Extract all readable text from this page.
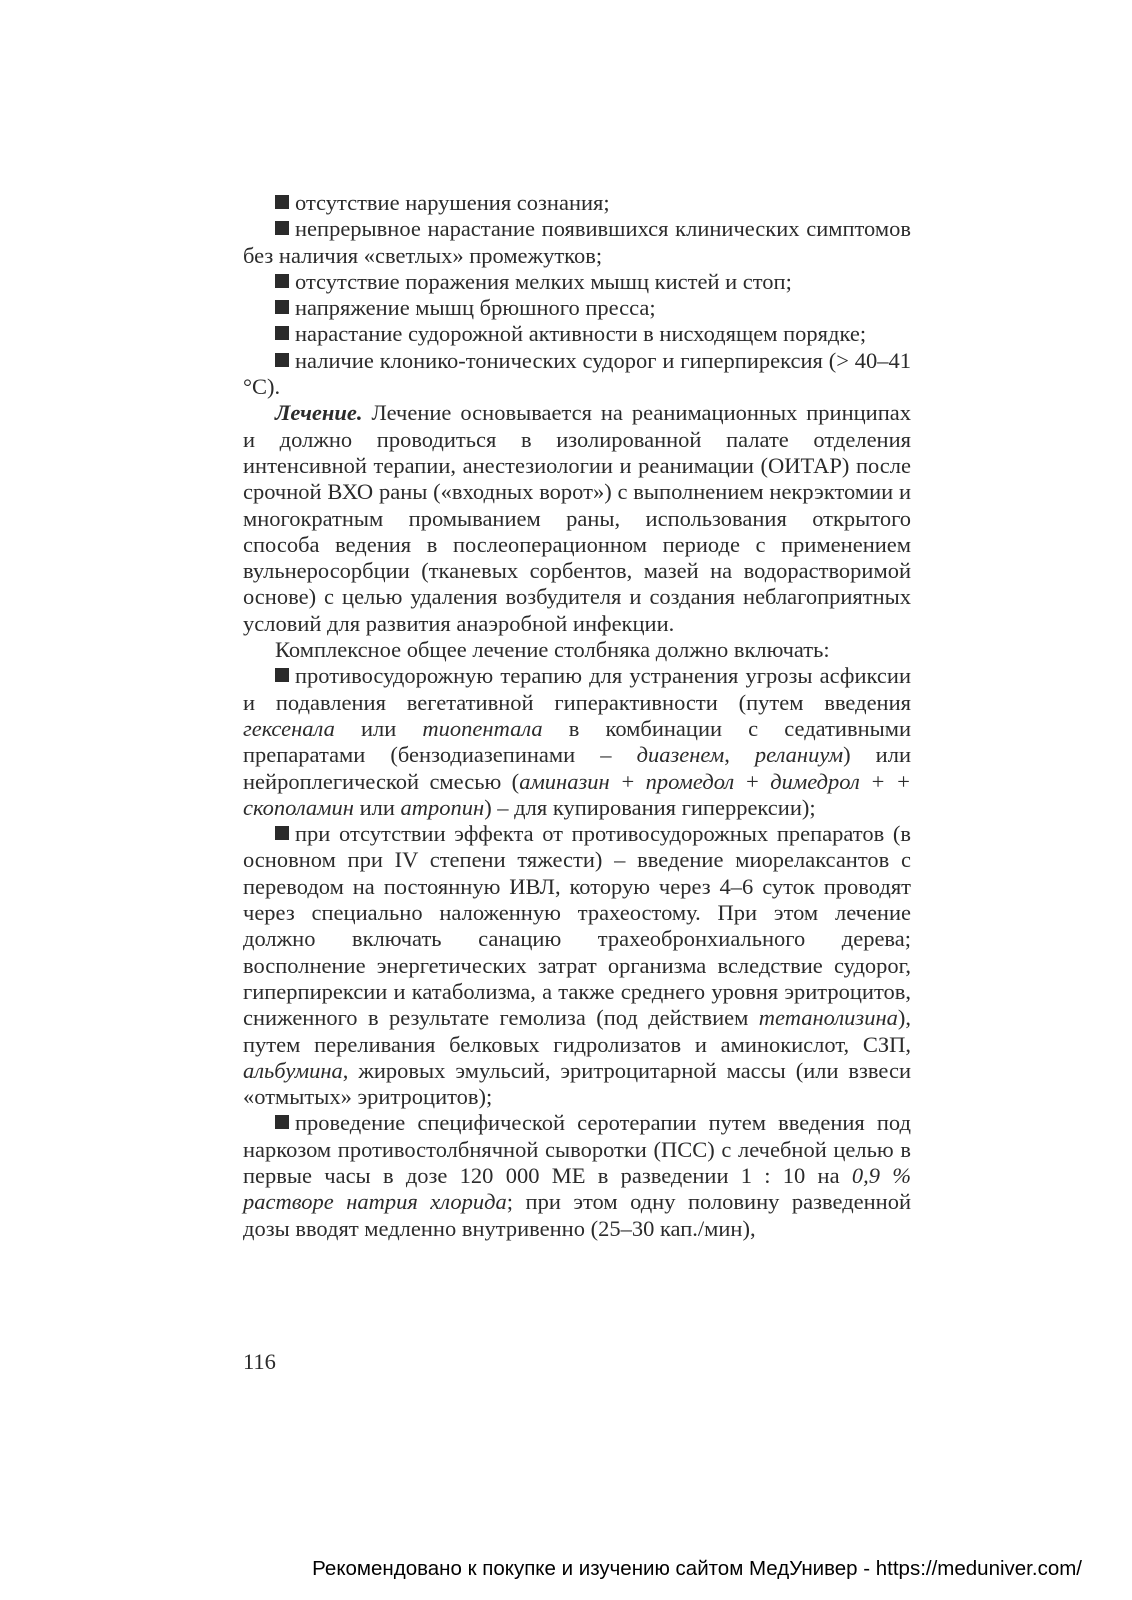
отсутствие нарушения сознания;

непрерывное нарастание появившихся клинических симптомов без наличия «светлых» промежутков;

отсутствие поражения мелких мышц кистей и стоп;

напряжение мышц брюшного пресса;

нарастание судорожной активности в нисходящем порядке;

наличие клонико-тонических судорог и гиперпирексия (> 40–41 °С).

Лечение. Лечение основывается на реанимационных принципах и должно проводиться в изолированной палате отделения интенсивной терапии, анестезиологии и реанимации (ОИТАР) после срочной ВХО раны («входных ворот») с выполнением некрэктомии и многократным промыванием раны, использования открытого способа ведения в послеоперационном периоде с применением вульнеросорбции (тканевых сорбентов, мазей на водорастворимой основе) с целью удаления возбудителя и создания неблагоприятных условий для развития анаэробной инфекции.

Комплексное общее лечение столбняка должно включать:

противосудорожную терапию для устранения угрозы асфиксии и подавления вегетативной гиперактивности (путем введения гексенала или тиопентала в комбинации с седативными препаратами (бензодиазепинами – диазенем, реланиум) или нейроплегической смесью (аминазин + промедол + димедрол + + скополамин или атропин) – для купирования гиперрексии);

при отсутствии эффекта от противосудорожных препаратов (в основном при IV степени тяжести) – введение миорелаксантов с переводом на постоянную ИВЛ, которую через 4–6 суток проводят через специально наложенную трахеостому. При этом лечение должно включать санацию трахеобронхиального дерева; восполнение энергетических затрат организма вследствие судорог, гиперпирексии и катаболизма, а также среднего уровня эритроцитов, сниженного в результате гемолиза (под действием тетанолизина), путем переливания белковых гидролизатов и аминокислот, СЗП, альбумина, жировых эмульсий, эритроцитарной массы (или взвеси «отмытых» эритроцитов);

проведение специфической серотерапии путем введения под наркозом противостолбнячной сыворотки (ПСС) с лечебной целью в первые часы в дозе 120 000 МЕ в разведении 1 : 10 на 0,9 % растворе натрия хлорида; при этом одну половину разведенной дозы вводят медленно внутривенно (25–30 кап./мин),

116
Рекомендовано к покупке и изучению сайтом МедУнивер - https://meduniver.com/
